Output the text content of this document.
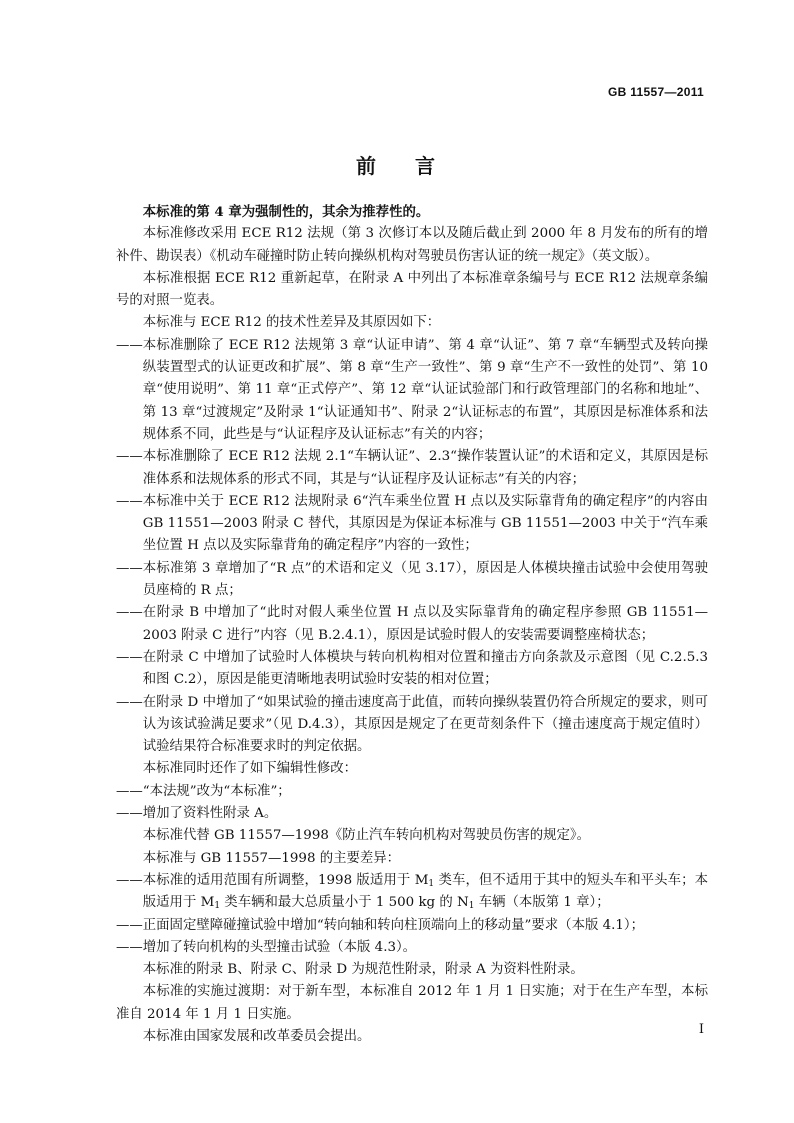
GB 11557—2011
前 言

本标准的第 4 章为强制性的，其余为推荐性的。

本标准修改采用 ECE R12 法规（第 3 次修订本以及随后截止到 2000 年 8 月发布的所有的增补件、勘误表）《机动车碰撞时防止转向操纵机构对驾驶员伤害认证的统一规定》（英文版）。

本标准根据 ECE R12 重新起草，在附录 A 中列出了本标准章条编号与 ECE R12 法规章条编号的对照一览表。

本标准与 ECE R12 的技术性差异及其原因如下：

—— 本标准删除了 ECE R12 法规第 3 章“认证申请”、第 4 章“认证”、第 7 章“车辆型式及转向操纵装置型式的认证更改和扩展”、第 8 章“生产一致性”、第 9 章“生产不一致性的处罚”、第 10 章“使用说明”、第 11 章“正式停产”、第 12 章“认证试验部门和行政管理部门的名称和地址”、第 13 章“过渡规定”及附录 1“认证通知书”、附录 2“认证标志的布置”，其原因是标准体系和法规体系不同，此些是与“认证程序及认证标志”有关的内容；
—— 本标准删除了 ECE R12 法规 2.1“车辆认证”、2.3“操作装置认证”的术语和定义，其原因是标准体系和法规体系的形式不同，其是与“认证程序及认证标志”有关的内容；
—— 本标准中关于 ECE R12 法规附录 6“汽车乘坐位置 H 点以及实际靠背角的确定程序”的内容由 GB 11551—2003 附录 C 替代，其原因是为保证本标准与 GB 11551—2003 中关于“汽车乘坐位置 H 点以及实际靠背角的确定程序”内容的一致性；
—— 本标准第 3 章增加了“R 点”的术语和定义（见 3.17），原因是人体模块撞击试验中会使用驾驶员座椅的 R 点；
—— 在附录 B 中增加了“此时对假人乘坐位置 H 点以及实际靠背角的确定程序参照 GB 11551—2003 附录 C 进行”内容（见 B.2.4.1），原因是试验时假人的安装需要调整座椅状态；
—— 在附录 C 中增加了试验时人体模块与转向机构相对位置和撞击方向条款及示意图（见 C.2.5.3和图 C.2），原因是能更清晰地表明试验时安装的相对位置；
—— 在附录 D 中增加了“如果试验的撞击速度高于此值，而转向操纵装置仍符合所规定的要求，则可认为该试验满足要求”（见 D.4.3），其原因是规定了在更苛刻条件下（撞击速度高于规定值时）试验结果符合标准要求时的判定依据。

本标准同时还作了如下编辑性修改：

—— “本法规”改为“本标准”；
—— 增加了资料性附录 A。

本标准代替 GB 11557—1998《防止汽车转向机构对驾驶员伤害的规定》。

本标准与 GB 11557—1998 的主要差异：

—— 本标准的适用范围有所调整，1998 版适用于 $M_1$ 类车，但不适用于其中的短头车和平头车；本版适用于 $M_1$ 类车辆和最大总质量小于 1 500 kg 的 $N_1$ 车辆（本版第 1 章）；
—— 正面固定壁障碰撞试验中增加“转向轴和转向柱顶端向上的移动量”要求（本版 4.1）；
—— 增加了转向机构的头型撞击试验（本版 4.3）。

本标准的附录 B、附录 C、附录 D 为规范性附录，附录 A 为资料性附录。

本标准的实施过渡期：对于新车型，本标准自 2012 年 1 月 1 日实施；对于在生产车型，本标准自 2014 年 1 月 1 日实施。

本标准由国家发展和改革委员会提出。	I
